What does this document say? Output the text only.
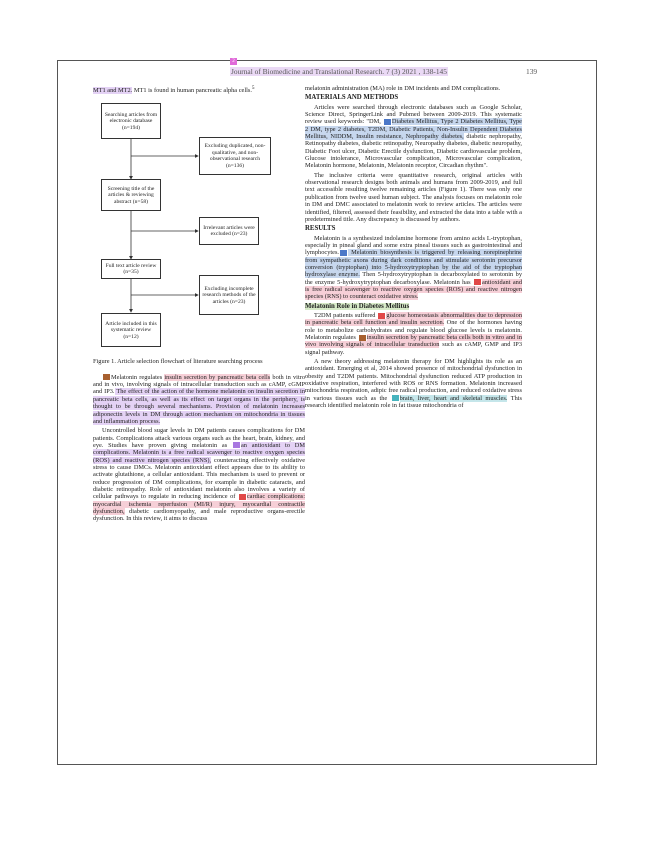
2
Journal of Biomedicine and Translational Research. 7 (3) 2021 , 138-145	139

MT1 and MT2. MT1 is found in human pancreatic alpha cells.$^5$

Searching articles from electronic database (n=194)
Excluding duplicated, non-qualitative, and non-observational research (n=136)
Screening title of the articles & reviewing abstract (n=58)
Irrelevant articles were excluded (n=23)
Full text article review (n=35)
Excluding incomplete research methods of the articles (n=23)
Article included in this systematic review (n=12)
Figure 1. Article selection flowchart of literature searching process

Melatonin regulates insulin secretion by pancreatic beta cells both in vitro and in vivo, involving signals of intracellular transduction such as cAMP, cGMP and IP3. The effect of the action of the hormone melatonin on insulin secretion in pancreatic beta cells, as well as its effect on target organs in the periphery, is thought to be through several mechanisms. Provision of melatonin increases adiponectin levels in DM through action mechanism on mitochondria in tissues and inflammation process.

Uncontrolled blood sugar levels in DM patients causes complications for DM patients. Complications attack various organs such as the heart, brain, kidney, and eye. Studies have proven giving melatonin as an antioxidant to DM complications. Melatonin is a free radical scavenger to reactive oxygen species (ROS) and reactive nitrogen species (RNS), counteracting effectively oxidative stress to cause DMCs. Melatonin antioxidant effect appears due to its ability to activate glutathione, a cellular antioxidant. This mechanism is used to prevent or reduce progression of DM complications, for example in diabetic cataracts, and diabetic retinopathy. Role of antioxidant melatonin also involves a variety of cellular pathways to regulate in reducing incidence of cardiac complications: myocardial ischemia reperfusion (MI/R) injury, myocardial contractile dysfunction, diabetic cardiomyopathy, and male reproductive organs-erectile dysfunction. In this review, it aims to discuss

melatonin administration (MA) role in DM incidents and DM complications.

MATERIALS AND METHODS

Articles were searched through electronic databases such as Google Scholar, Science Direct, SpringerLink and Pubmed between 2009-2019. This systematic review used keywords: "DM, Diabetes Mellitus, Type 2 Diabetes Mellitus, Type 2 DM, type 2 diabetes, T2DM, Diabetic Patients, Non-Insulin Dependent Diabetes Mellitus, NIDDM, Insulin resistance, Nephropathy diabetes, diabetic nephropathy, Retinopathy diabetes, diabetic retinopathy, Neuropathy diabetes, diabetic neuropathy, Diabetic Foot ulcer, Diabetic Erectile dysfunction, Diabetic cardiovascular problem, Glucose intolerance, Microvascular complication, Microvascular complication, Melatonin hormone, Melatonin, Melatonin receptor, Circadian rhythm".

The inclusive criteria were quantitative research, original articles with observational research designs both animals and humans from 2009-2019, and full text accessible resulting twelve remaining articles (Figure 1). There was only one publication from twelve used human subject. The analysis focuses on melatonin role in DM and DMC associated to melatonin work to review articles. The articles were identified, filtered, assessed their feasibility, and extracted the data into a table with a predetermined title. Any discrepancy is discussed by authors.

RESULTS

Melatonin is a synthesized indolamine hormone from amino acids L-tryptophan, especially in pineal gland and some extra pineal tissues such as gastrointestinal and lymphocytes. Melatonin biosynthesis is triggered by releasing norepinephrine from sympathetic axons during dark conditions and stimulate serotonin precursor conversion (tryptophan) into 5-hydroxytryptophan by the aid of the tryptophan hydroxylase enzyme. Then 5-hydroxytryptophan is decarboxylated to serotonin by the enzyme 5-hydroxytryptophan decarboxylase. Melatonin has antioxidant and is free radical scavenger to reactive oxygen species (ROS) and reactive nitrogen species (RNS) to counteract oxidative stress.

Melatonin Role in Diabetes Mellitus

T2DM patients suffered glucose homeostasis abnormalities due to depression in pancreatic beta cell function and insulin secretion. One of the hormones having role to metabolize carbohydrates and regulate blood glucose levels is melatonin. Melatonin regulates insulin secretion by pancreatic beta cells both in vitro and in vivo involving signals of intracellular transduction such as cAMP, GMP and IP3 signal pathway.

A new theory addressing melatonin therapy for DM highlights its role as an antioxidant. Emerging et al, 2014 showed presence of mitochondrial dysfunction in obesity and T2DM patients. Mitochondrial dysfunction reduced ATP production in oxidative respiration, interfered with ROS or RNS formation. Melatonin increased mitochondria respiration, adipic free radical production, and reduced oxidative stress in various tissues such as the brain, liver, heart and skeletal muscles. This research identified melatonin role in fat tissue mitochondria of
